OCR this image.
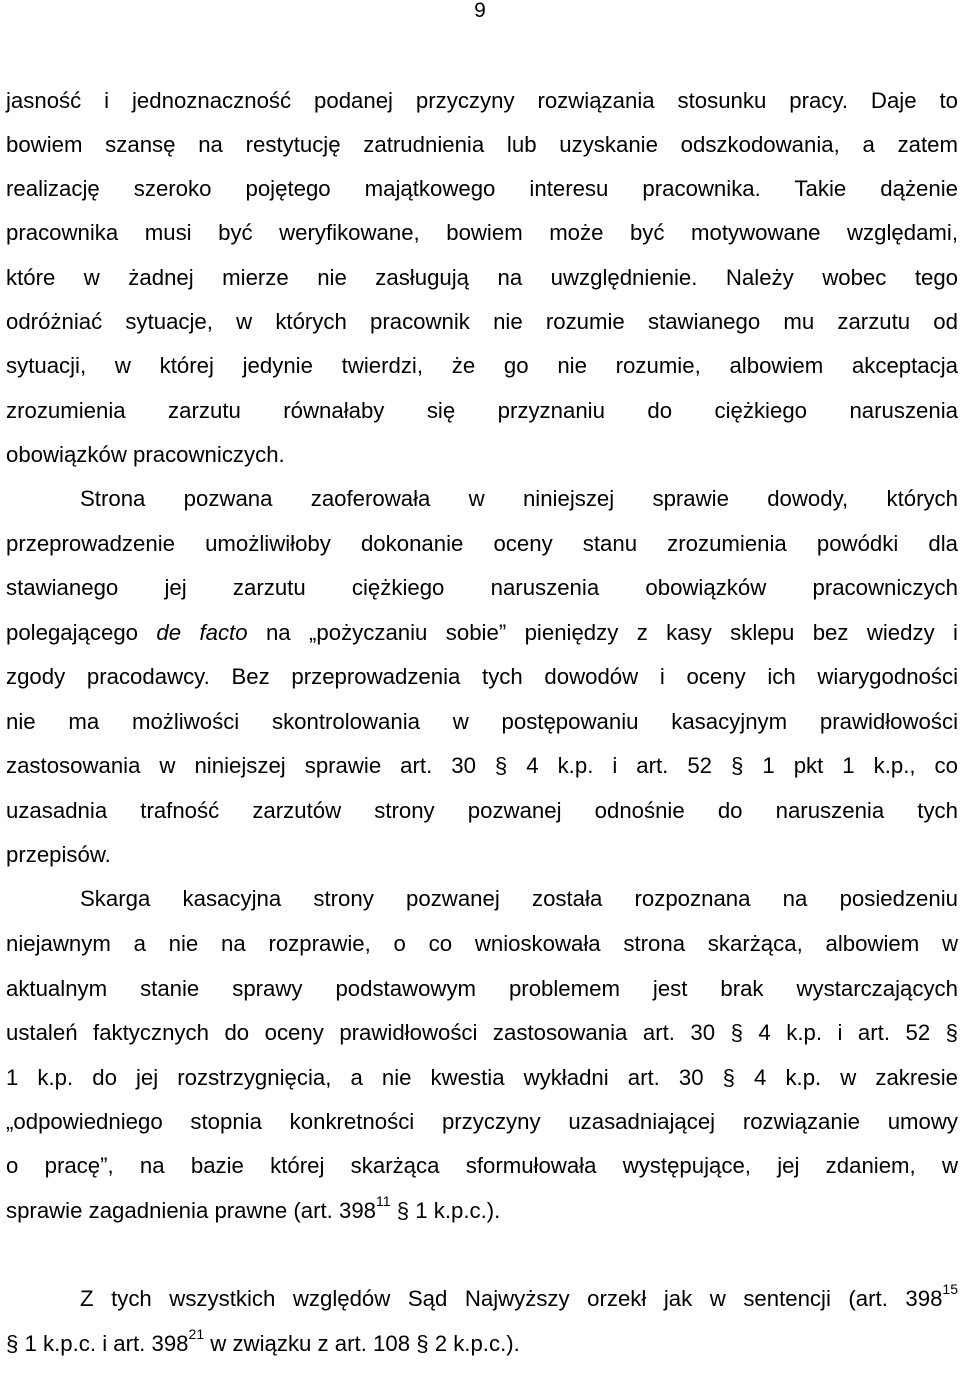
9
jasność i jednoznaczność podanej przyczyny rozwiązania stosunku pracy. Daje to
bowiem szansę na restytucję zatrudnienia lub uzyskanie odszkodowania, a zatem
realizację szeroko pojętego majątkowego interesu pracownika. Takie dążenie
pracownika musi być weryfikowane, bowiem może być motywowane względami,
które w żadnej mierze nie zasługują na uwzględnienie. Należy wobec tego
odróżniać sytuacje, w których pracownik nie rozumie stawianego mu zarzutu od
sytuacji, w której jedynie twierdzi, że go nie rozumie, albowiem akceptacja
zrozumienia zarzutu równałaby się przyznaniu do ciężkiego naruszenia
obowiązków pracowniczych.
Strona pozwana zaoferowała w niniejszej sprawie dowody, których
przeprowadzenie umożliwiłoby dokonanie oceny stanu zrozumienia powódki dla
stawianego jej zarzutu ciężkiego naruszenia obowiązków pracowniczych
polegającego de facto na „pożyczaniu sobie” pieniędzy z kasy sklepu bez wiedzy i
zgody pracodawcy. Bez przeprowadzenia tych dowodów i oceny ich wiarygodności
nie ma możliwości skontrolowania w postępowaniu kasacyjnym prawidłowości
zastosowania w niniejszej sprawie art. 30 § 4 k.p. i art. 52 § 1 pkt 1 k.p., co
uzasadnia trafność zarzutów strony pozwanej odnośnie do naruszenia tych
przepisów.
Skarga kasacyjna strony pozwanej została rozpoznana na posiedzeniu
niejawnym a nie na rozprawie, o co wnioskowała strona skarżąca, albowiem w
aktualnym stanie sprawy podstawowym problemem jest brak wystarczających
ustaleń faktycznych do oceny prawidłowości zastosowania art. 30 § 4 k.p. i art. 52 §
1 k.p. do jej rozstrzygnięcia, a nie kwestia wykładni art. 30 § 4 k.p. w zakresie
„odpowiedniego stopnia konkretności przyczyny uzasadniającej rozwiązanie umowy
o pracę”, na bazie której skarżąca sformułowała występujące, jej zdaniem, w
sprawie zagadnienia prawne (art. $398^{11}$ § 1 k.p.c.).
Z tych wszystkich względów Sąd Najwyższy orzekł jak w sentencji (art. $398^{15}$
§ 1 k.p.c. i art. $398^{21}$ w związku z art. 108 § 2 k.p.c.).
